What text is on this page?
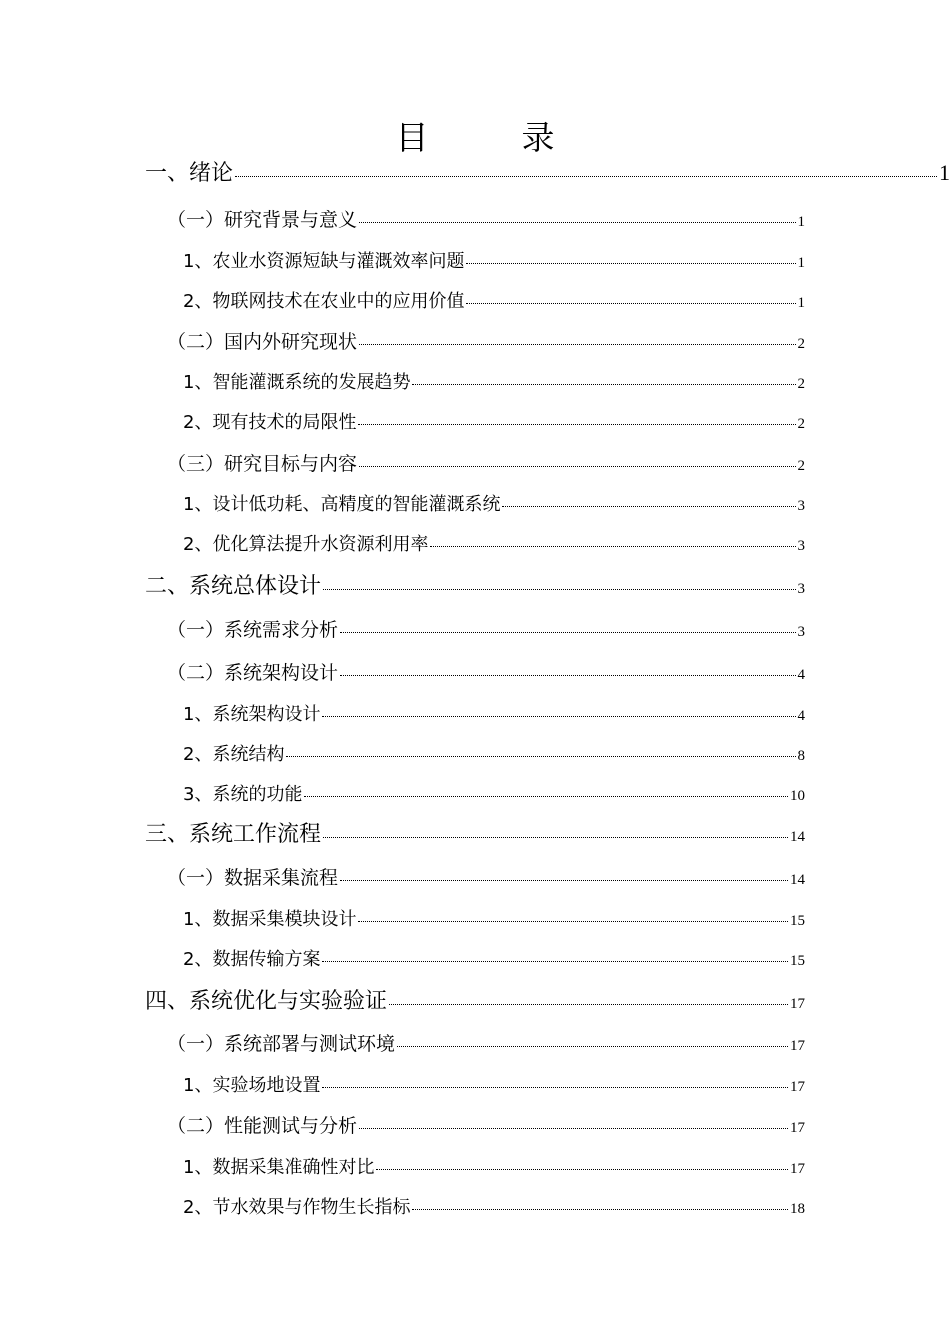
目　录
一、绪论	1
（一）研究背景与意义	1
1、农业水资源短缺与灌溉效率问题	1
2、物联网技术在农业中的应用价值	1
（二）国内外研究现状	2
1、智能灌溉系统的发展趋势	2
2、现有技术的局限性	2
（三）研究目标与内容	2
1、设计低功耗、高精度的智能灌溉系统	3
2、优化算法提升水资源利用率	3
二、系统总体设计	3
（一）系统需求分析	3
（二）系统架构设计	4
1、系统架构设计	4
2、系统结构	8
3、系统的功能	10
三、系统工作流程	14
（一）数据采集流程	14
1、数据采集模块设计	15
2、数据传输方案	15
四、系统优化与实验验证	17
（一）系统部署与测试环境	17
1、实验场地设置	17
（二）性能测试与分析	17
1、数据采集准确性对比	17
2、节水效果与作物生长指标	18
